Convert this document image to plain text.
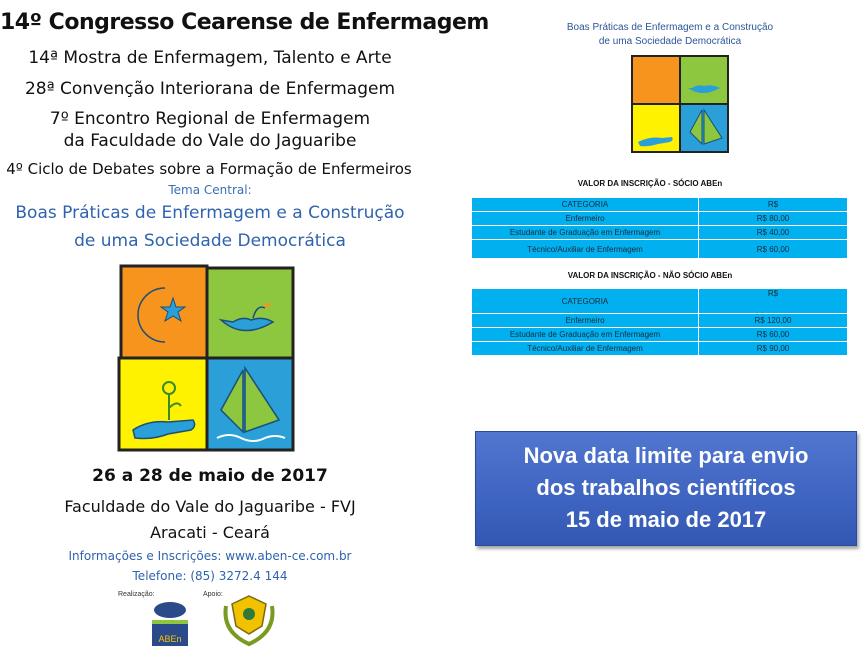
14º Congresso Cearense de Enfermagem
14ª Mostra de Enfermagem, Talento e Arte
28ª Convenção Interiorana de Enfermagem
7º Encontro Regional de Enfermagem
da Faculdade do Vale do Jaguaribe
4º Ciclo de Debates sobre a Formação de Enfermeiros
Tema Central:
Boas Práticas de Enfermagem e a Construção
de uma Sociedade Democrática
26 a 28 de maio de 2017
Faculdade do Vale do Jaguaribe - FVJ
Aracati - Ceará
Informações e Inscrições: www.aben-ce.com.br
Telefone: (85) 3272.4 144
Realização:	Apoio:
ABEn
Boas Práticas de Enfermagem e a Construção
de uma Sociedade Democrática
VALOR DA INSCRIÇÃO - SÓCIO ABEn
CATEGORIA	R$
Enfermeiro	R$ 80,00
Estudante de Graduação em Enfermagem	R$ 40,00
Técnico/Auxiliar de Enfermagem	R$ 60,00
VALOR DA INSCRIÇÃO - NÃO SÓCIO ABEn
CATEGORIA	R$
Enfermeiro	R$ 120,00
Estudante de Graduação em Enfermagem	R$ 60,00
Técnico/Auxiliar de Enfermagem	R$ 90,00
Nova data limite para envio
dos trabalhos científicos
15 de maio de 2017
